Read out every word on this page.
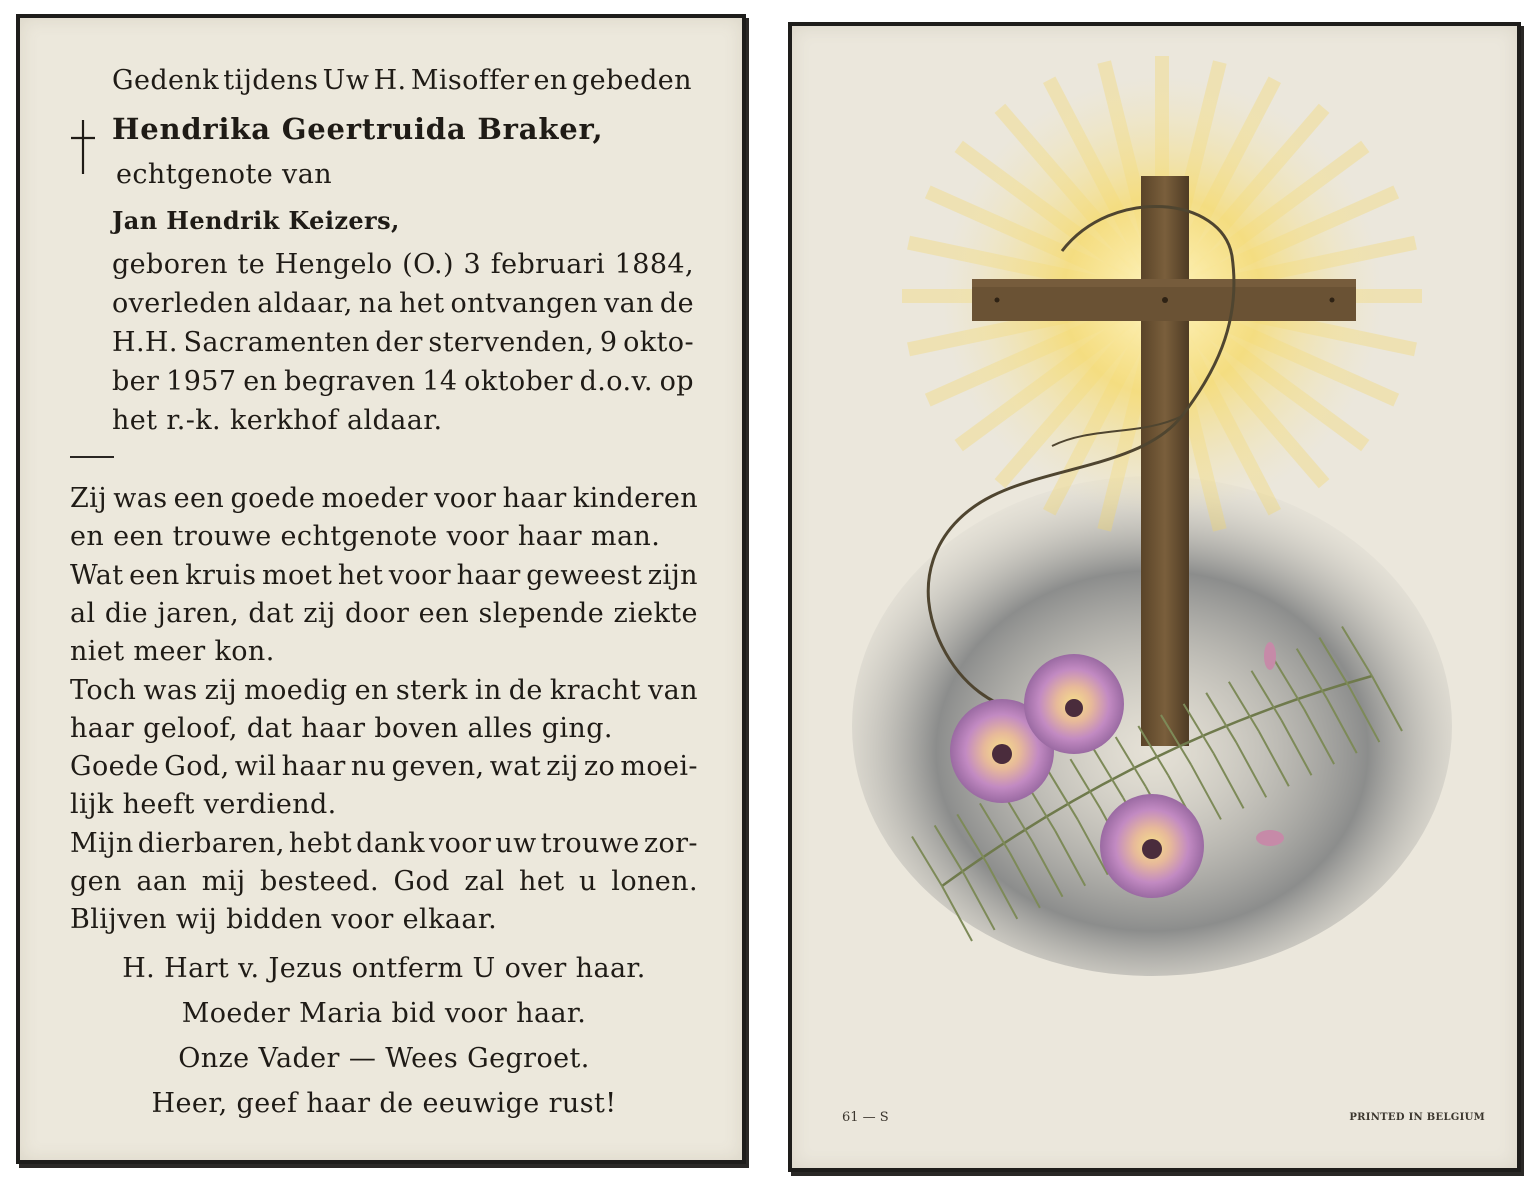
Gedenk tijdens Uw H. Misoffer en gebeden
Hendrika Geertruida Braker,
echtgenote van
Jan Hendrik Keizers,
geboren te Hengelo (O.) 3 februari 1884,
overleden aldaar, na het ontvangen van de
H.H. Sacramenten der stervenden, 9 okto-
ber 1957 en begraven 14 oktober d.o.v. op
het r.-k. kerkhof aldaar.
Zij was een goede moeder voor haar kinderen
en een trouwe echtgenote voor haar man.
Wat een kruis moet het voor haar geweest zijn
al die jaren, dat zij door een slepende ziekte
niet meer kon.
Toch was zij moedig en sterk in de kracht van
haar geloof, dat haar boven alles ging.
Goede God, wil haar nu geven, wat zij zo moei-
lijk heeft verdiend.
Mijn dierbaren, hebt dank voor uw trouwe zor-
gen aan mij besteed. God zal het u lonen.
Blijven wij bidden voor elkaar.
H. Hart v. Jezus ontferm U over haar.
Moeder Maria bid voor haar.
Onze Vader — Wees Gegroet.
Heer, geef haar de eeuwige rust!	61 — S	PRINTED IN BELGIUM
